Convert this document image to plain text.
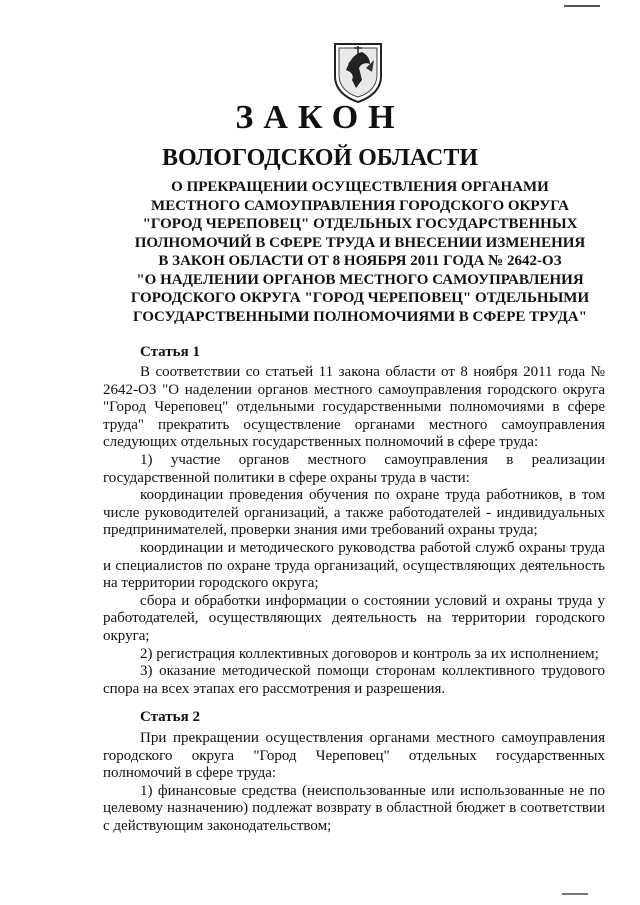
ЗАКОН
ВОЛОГОДСКОЙ ОБЛАСТИ
О ПРЕКРАЩЕНИИ ОСУЩЕСТВЛЕНИЯ ОРГАНАМИ
МЕСТНОГО САМОУПРАВЛЕНИЯ ГОРОДСКОГО ОКРУГА
"ГОРОД ЧЕРЕПОВЕЦ" ОТДЕЛЬНЫХ ГОСУДАРСТВЕННЫХ
ПОЛНОМОЧИЙ В СФЕРЕ ТРУДА И ВНЕСЕНИИ ИЗМЕНЕНИЯ
В ЗАКОН ОБЛАСТИ ОТ 8 НОЯБРЯ 2011 ГОДА № 2642-ОЗ
"О НАДЕЛЕНИИ ОРГАНОВ МЕСТНОГО САМОУПРАВЛЕНИЯ
ГОРОДСКОГО ОКРУГА "ГОРОД ЧЕРЕПОВЕЦ" ОТДЕЛЬНЫМИ
ГОСУДАРСТВЕННЫМИ ПОЛНОМОЧИЯМИ В СФЕРЕ ТРУДА"
Статья 1

В соответствии со статьей 11 закона области от 8 ноября 2011 года № 2642-ОЗ "О наделении органов местного самоуправления городского округа "Город Череповец" отдельными государственными полномочиями в сфере труда" прекратить осуществление органами местного самоуправления следующих отдельных государственных полномочий в сфере труда:

1) участие органов местного самоуправления в реализации государственной политики в сфере охраны труда в части:

координации проведения обучения по охране труда работников, в том числе руководителей организаций, а также работодателей - индивидуальных предпринимателей, проверки знания ими требований охраны труда;

координации и методического руководства работой служб охраны труда и специалистов по охране труда организаций, осуществляющих деятельность на территории городского округа;

сбора и обработки информации о состоянии условий и охраны труда у работодателей, осуществляющих деятельность на территории городского округа;

2) регистрация коллективных договоров и контроль за их исполнением;

3) оказание методической помощи сторонам коллективного трудового спора на всех этапах его рассмотрения и разрешения.

Статья 2

При прекращении осуществления органами местного самоуправления городского округа "Город Череповец" отдельных государственных полномочий в сфере труда:

1) финансовые средства (неиспользованные или использованные не по целевому назначению) подлежат возврату в областной бюджет в соответствии с действующим законодательством;
